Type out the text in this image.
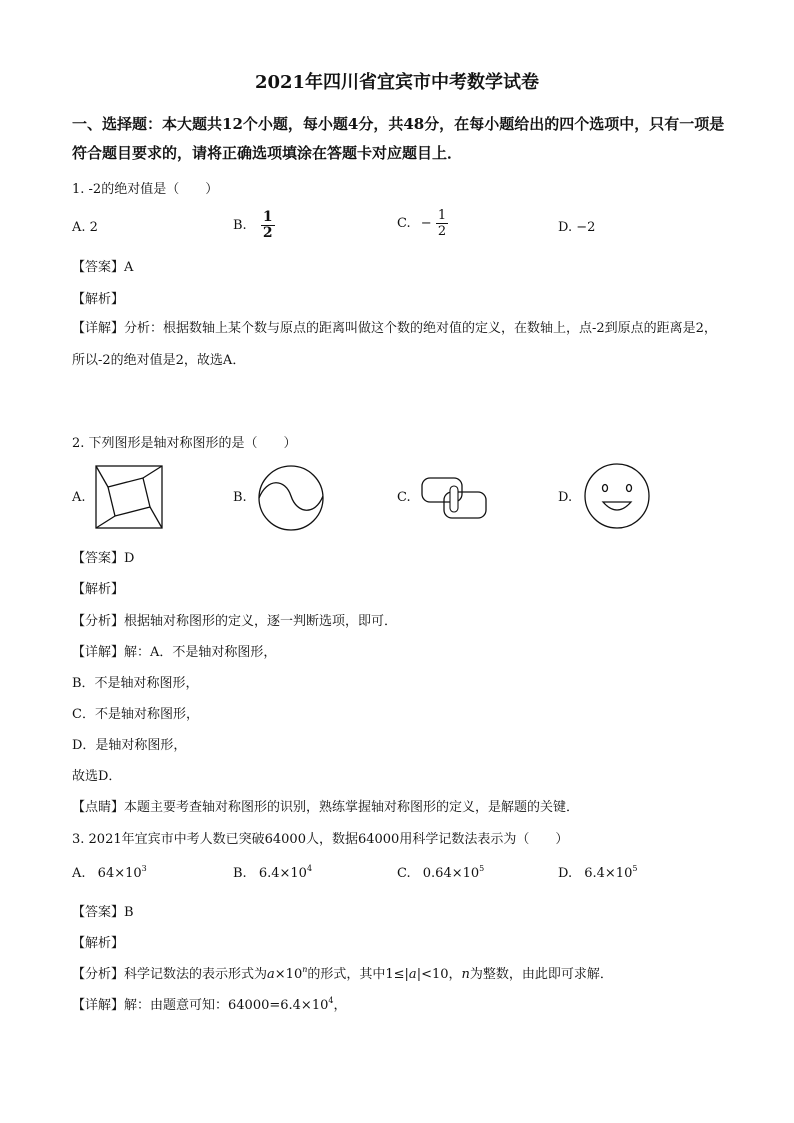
2021年四川省宜宾市中考数学试卷
一、选择题：本大题共12个小题，每小题4分，共48分，在每小题给出的四个选项中，只有一项是符合题目要求的，请将正确选项填涂在答题卡对应题目上．
1. -2的绝对值是（　　）
A. 2	B. $\frac{1}{2}$	C. − $\frac{1}{2}$	D. −2
【答案】A
【解析】
【详解】分析：根据数轴上某个数与原点的距离叫做这个数的绝对值的定义，在数轴上，点-2到原点的距离是2，所以-2的绝对值是2，故选A．
2. 下列图形是轴对称图形的是（　　）
A.	B.	C.	D.
【答案】D
【解析】
【分析】根据轴对称图形的定义，逐一判断选项，即可．
【详解】解：A．不是轴对称图形，
B．不是轴对称图形，
C．不是轴对称图形，
D．是轴对称图形，
故选D．
【点睛】本题主要考查轴对称图形的识别，熟练掌握轴对称图形的定义，是解题的关键．
3. 2021年宜宾市中考人数已突破64000人，数据64000用科学记数法表示为（　　）
A. $64\times 10^3$	B. $6.4\times 10^4$	C. $0.64\times 10^5$	D. $6.4\times 10^5$
【答案】B
【解析】
【分析】科学记数法的表示形式为$a\times 10^n$的形式，其中1≤|a|<10，n为整数，由此即可求解．
【详解】解：由题意可知：$64000=6.4\times 10^4$，
